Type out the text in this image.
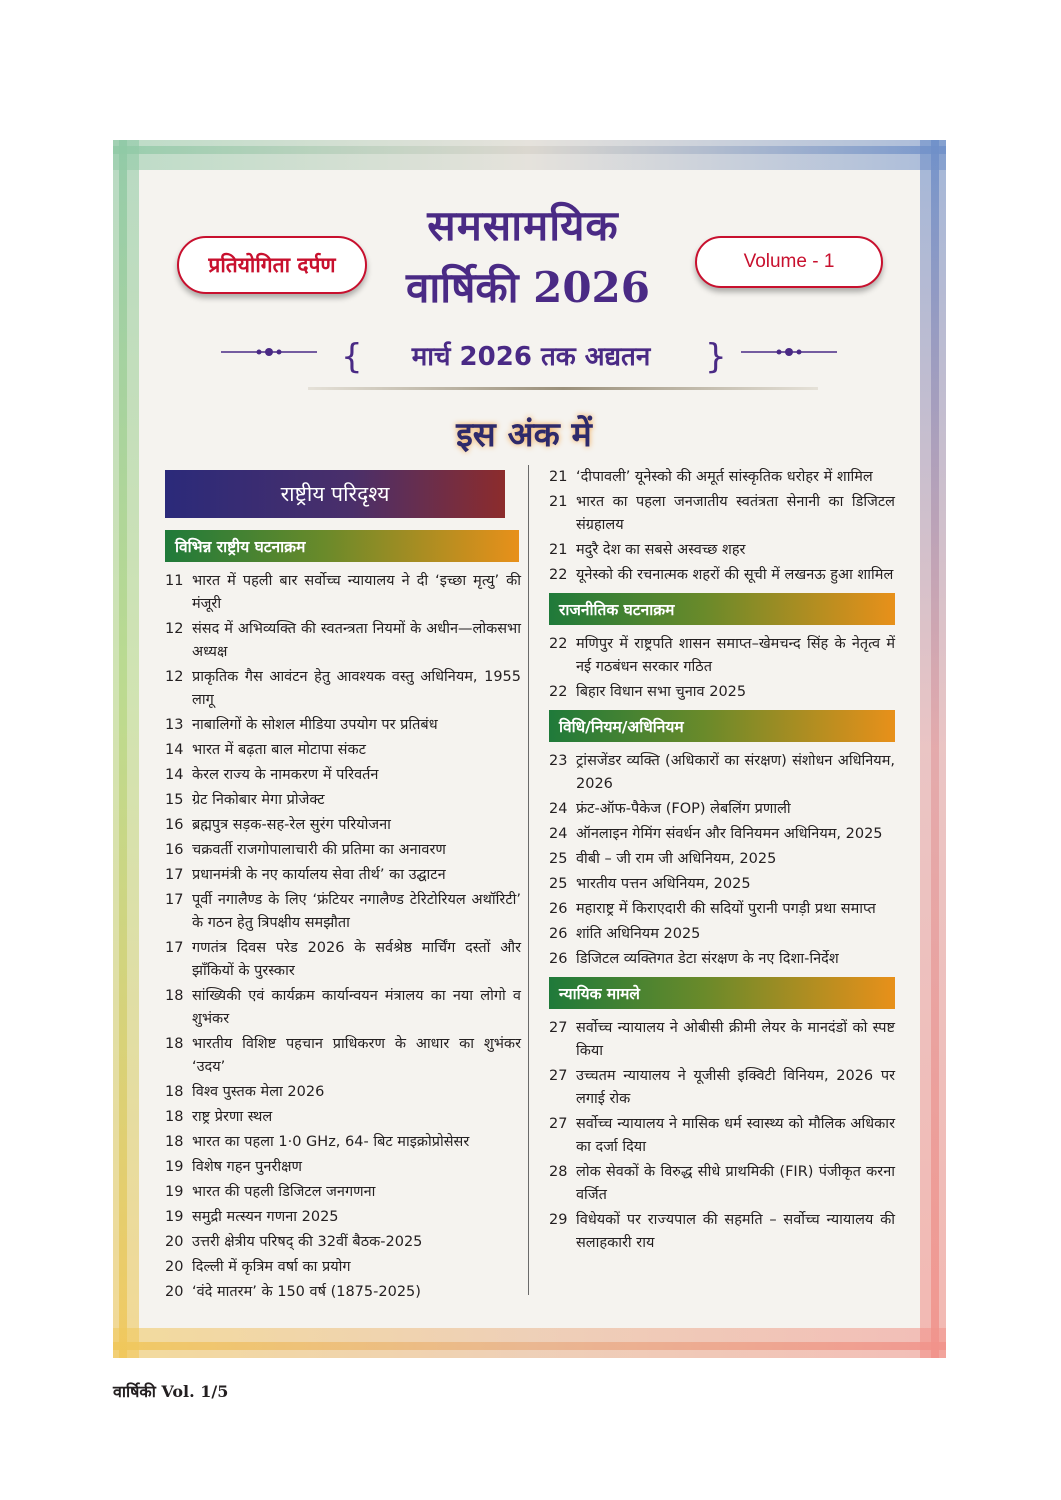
प्रतियोगिता दर्पण
समसामयिक
वार्षिकी 2026
Volume - 1
{	मार्च 2026 तक अद्यतन	}
इस अंक में
राष्ट्रीय परिदृश्य
विभिन्न राष्ट्रीय घटनाक्रम
11 भारत में पहली बार सर्वोच्च न्यायालय ने दी ‘इच्छा मृत्यु’ की मंजूरी
12 संसद में अभिव्यक्ति की स्वतन्त्रता नियमों के अधीन—लोकसभा अध्यक्ष
12 प्राकृतिक गैस आवंटन हेतु आवश्यक वस्तु अधिनियम, 1955 लागू
13 नाबालिगों के सोशल मीडिया उपयोग पर प्रतिबंध
14 भारत में बढ़ता बाल मोटापा संकट
14 केरल राज्य के नामकरण में परिवर्तन
15 ग्रेट निकोबार मेगा प्रोजेक्ट
16 ब्रह्मपुत्र सड़क-सह-रेल सुरंग परियोजना
16 चक्रवर्ती राजगोपालाचारी की प्रतिमा का अनावरण
17 प्रधानमंत्री के नए कार्यालय सेवा तीर्थ’ का उद्घाटन
17 पूर्वी नगालैण्ड के लिए ‘फ्रंटियर नगालैण्ड टेरिटोरियल अथॉरिटी’ के गठन हेतु त्रिपक्षीय समझौता
17 गणतंत्र दिवस परेड 2026 के सर्वश्रेष्ठ मार्चिंग दस्तों और झाँकियों के पुरस्कार
18 सांख्यिकी एवं कार्यक्रम कार्यान्वयन मंत्रालय का नया लोगो व शुभंकर
18 भारतीय विशिष्ट पहचान प्राधिकरण के आधार का शुभंकर ‘उदय’
18 विश्व पुस्तक मेला 2026
18 राष्ट्र प्रेरणा स्थल
18 भारत का पहला 1·0 GHz, 64- बिट माइक्रोप्रोसेसर
19 विशेष गहन पुनरीक्षण
19 भारत की पहली डिजिटल जनगणना
19 समुद्री मत्स्यन गणना 2025
20 उत्तरी क्षेत्रीय परिषद् की 32वीं बैठक-2025
20 दिल्ली में कृत्रिम वर्षा का प्रयोग
20 ‘वंदे मातरम’ के 150 वर्ष (1875-2025)
21 ‘दीपावली’ यूनेस्को की अमूर्त सांस्कृतिक धरोहर में शामिल
21 भारत का पहला जनजातीय स्वतंत्रता सेनानी का डिजिटल संग्रहालय
21 मदुरै देश का सबसे अस्वच्छ शहर
22 यूनेस्को की रचनात्मक शहरों की सूची में लखनऊ हुआ शामिल
राजनीतिक घटनाक्रम
22 मणिपुर में राष्ट्रपति शासन समाप्त–खेमचन्द सिंह के नेतृत्व में नई गठबंधन सरकार गठित
22 बिहार विधान सभा चुनाव 2025
विधि/नियम/अधिनियम
23 ट्रांसजेंडर व्यक्ति (अधिकारों का संरक्षण) संशोधन अधिनियम, 2026
24 फ्रंट-ऑफ-पैकेज (FOP) लेबलिंग प्रणाली
24 ऑनलाइन गेमिंग संवर्धन और विनियमन अधिनियम, 2025
25 वीबी – जी राम जी अधिनियम, 2025
25 भारतीय पत्तन अधिनियम, 2025
26 महाराष्ट्र में किराएदारी की सदियों पुरानी पगड़ी प्रथा समाप्त
26 शांति अधिनियम 2025
26 डिजिटल व्यक्तिगत डेटा संरक्षण के नए दिशा-निर्देश
न्यायिक मामले
27 सर्वोच्च न्यायालय ने ओबीसी क्रीमी लेयर के मानदंडों को स्पष्ट किया
27 उच्चतम न्यायालय ने यूजीसी इक्विटी विनियम, 2026 पर लगाई रोक
27 सर्वोच्च न्यायालय ने मासिक धर्म स्वास्थ्य को मौलिक अधिकार का दर्जा दिया
28 लोक सेवकों के विरुद्ध सीधे प्राथमिकी (FIR) पंजीकृत करना वर्जित
29 विधेयकों पर राज्यपाल की सहमति – सर्वोच्च न्यायालय की सलाहकारी राय
वार्षिकी Vol. 1/5
